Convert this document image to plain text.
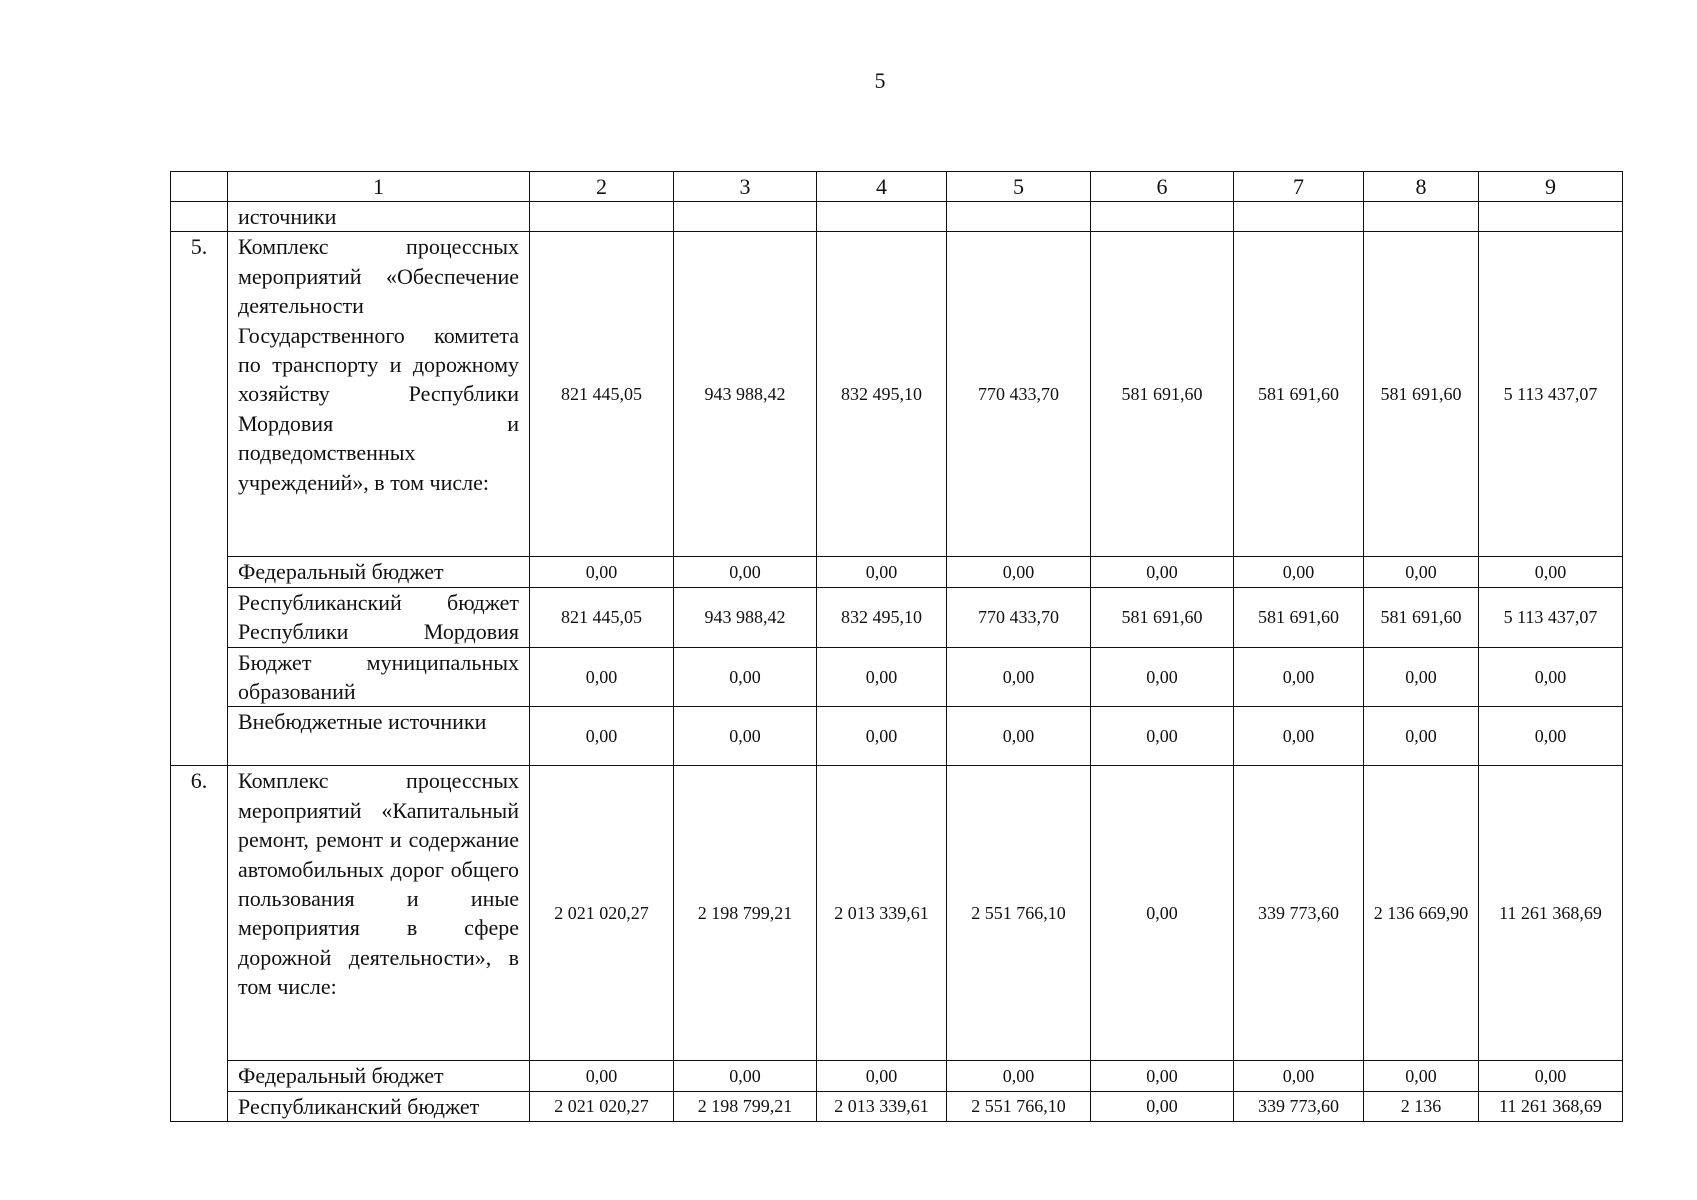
5
	1	2	3	4	5	6	7	8	9
	источники								
5.	Комплекс процессных мероприятий «Обеспечение деятельности Государственного комитета по транспорту и дорожному хозяйству Республики Мордовия и подведомственных учреждений», в том числе:	821 445,05	943 988,42	832 495,10	770 433,70	581 691,60	581 691,60	581 691,60	5 113 437,07
	Федеральный бюджет	0,00	0,00	0,00	0,00	0,00	0,00	0,00	0,00
	Республиканский бюджет Республики Мордовия	821 445,05	943 988,42	832 495,10	770 433,70	581 691,60	581 691,60	581 691,60	5 113 437,07
	Бюджет муниципальных образований	0,00	0,00	0,00	0,00	0,00	0,00	0,00	0,00
	Внебюджетные источники	0,00	0,00	0,00	0,00	0,00	0,00	0,00	0,00
6.	Комплекс процессных мероприятий «Капитальный ремонт, ремонт и содержание автомобильных дорог общего пользования и иные мероприятия в сфере дорожной деятельности», в том числе:	2 021 020,27	2 198 799,21	2 013 339,61	2 551 766,10	0,00	339 773,60	2 136 669,90	11 261 368,69
	Федеральный бюджет	0,00	0,00	0,00	0,00	0,00	0,00	0,00	0,00
	Республиканский бюджет	2 021 020,27	2 198 799,21	2 013 339,61	2 551 766,10	0,00	339 773,60	2 136	11 261 368,69
